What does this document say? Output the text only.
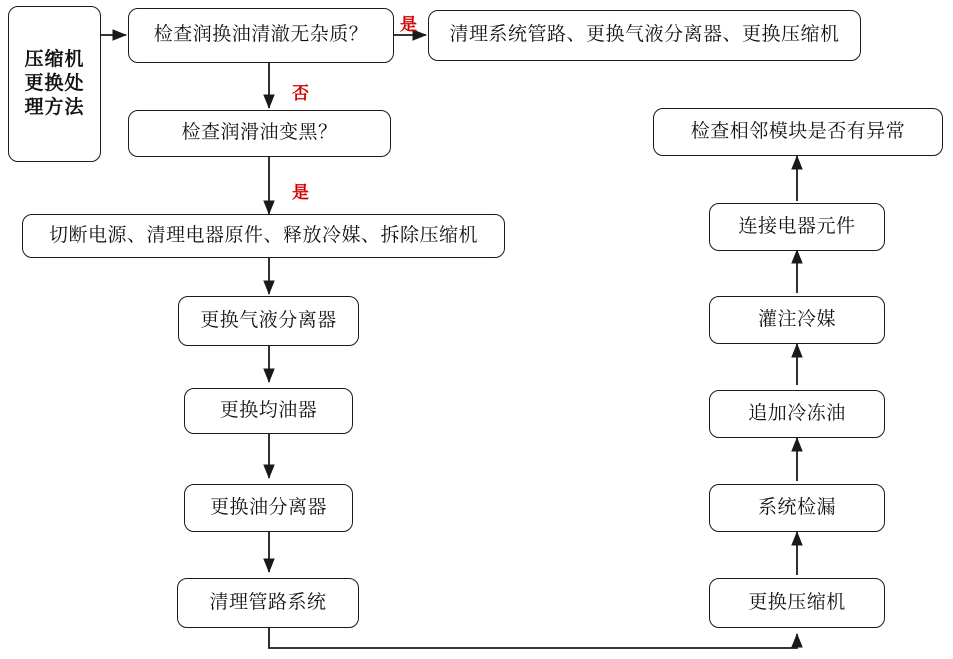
压缩机更换处理方法
检查润换油清澈无杂质？	清理系统管路、更换气液分离器、更换压缩机
检查润滑油变黑？
切断电源、清理电器原件、释放冷媒、拆除压缩机
更换气液分离器
更换均油器
更换油分离器
清理管路系统	更换压缩机
系统检漏
追加冷冻油
灌注冷媒
连接电器元件
检查相邻模块是否有异常
是
否
是
